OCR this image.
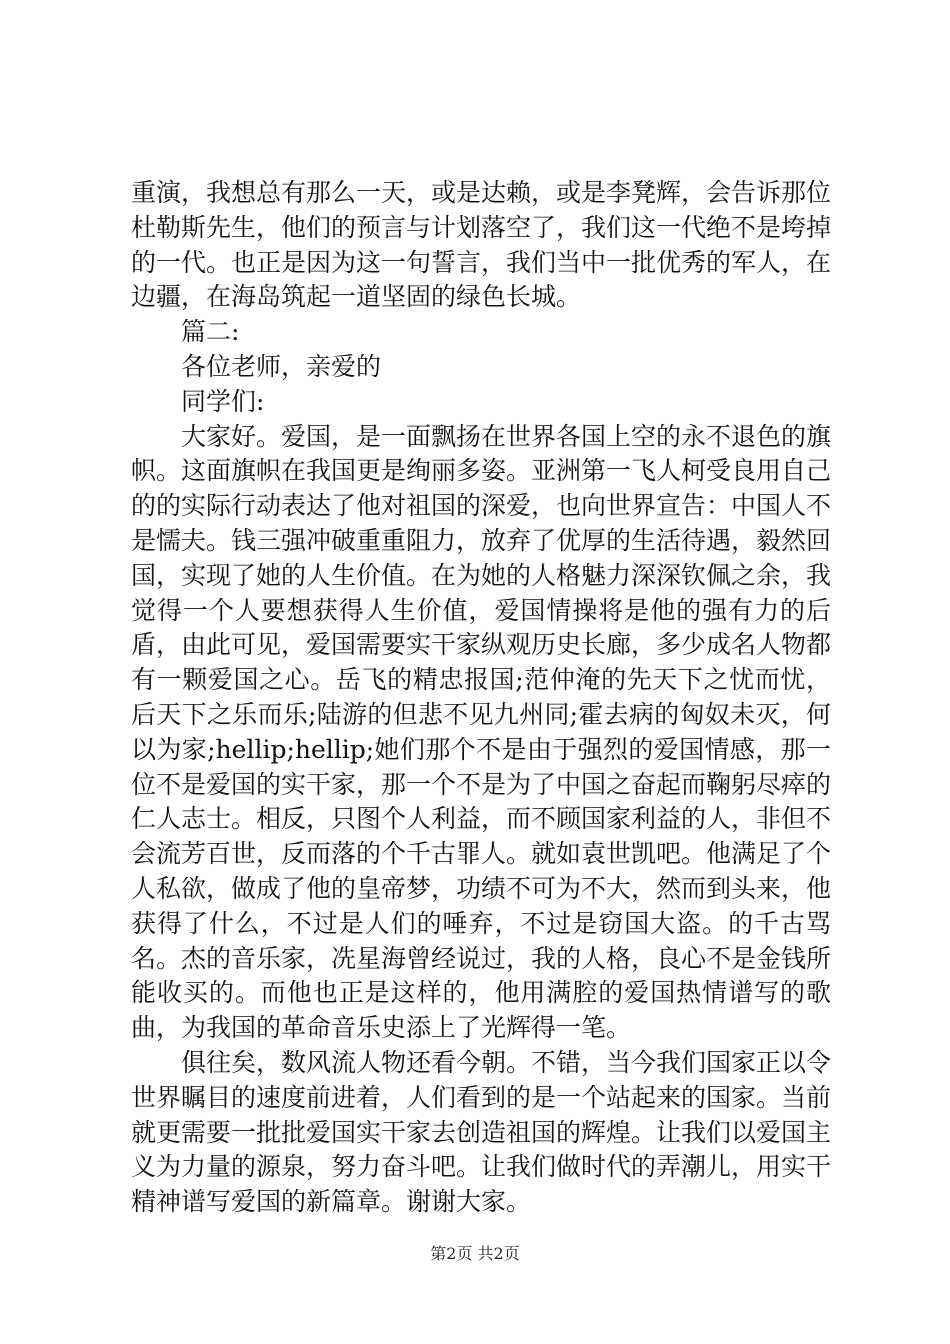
重演，我想总有那么一天，或是达赖，或是李凳辉，会告诉那位杜勒斯先生，他们的预言与计划落空了，我们这一代绝不是垮掉的一代。也正是因为这一句誓言，我们当中一批优秀的军人，在边疆，在海岛筑起一道坚固的绿色长城。

篇二:

各位老师，亲爱的

同学们:

大家好。爱国，是一面飘扬在世界各国上空的永不退色的旗帜。这面旗帜在我国更是绚丽多姿。亚洲第一飞人柯受良用自己的的实际行动表达了他对祖国的深爱，也向世界宣告：中国人不是懦夫。钱三强冲破重重阻力，放弃了优厚的生活待遇，毅然回国，实现了她的人生价值。在为她的人格魅力深深钦佩之余，我觉得一个人要想获得人生价值，爱国情操将是他的强有力的后盾，由此可见，爱国需要实干家纵观历史长廊，多少成名人物都有一颗爱国之心。岳飞的精忠报国;范仲淹的先天下之忧而忧，后天下之乐而乐;陆游的但悲不见九州同;霍去病的匈奴未灭，何以为家;hellip;hellip;她们那个不是由于强烈的爱国情感，那一位不是爱国的实干家，那一个不是为了中国之奋起而鞠躬尽瘁的仁人志士。相反，只图个人利益，而不顾国家利益的人，非但不会流芳百世，反而落的个千古罪人。就如袁世凯吧。他满足了个人私欲，做成了他的皇帝梦，功绩不可为不大，然而到头来，他获得了什么，不过是人们的唾弃，不过是窃国大盗。的千古骂名。杰的音乐家，冼星海曾经说过，我的人格，良心不是金钱所能收买的。而他也正是这样的，他用满腔的爱国热情谱写的歌曲，为我国的革命音乐史添上了光辉得一笔。

俱往矣，数风流人物还看今朝。不错，当今我们国家正以令世界瞩目的速度前进着，人们看到的是一个站起来的国家。当前就更需要一批批爱国实干家去创造祖国的辉煌。让我们以爱国主义为力量的源泉，努力奋斗吧。让我们做时代的弄潮儿，用实干精神谱写爱国的新篇章。谢谢大家。

第2页 共2页
